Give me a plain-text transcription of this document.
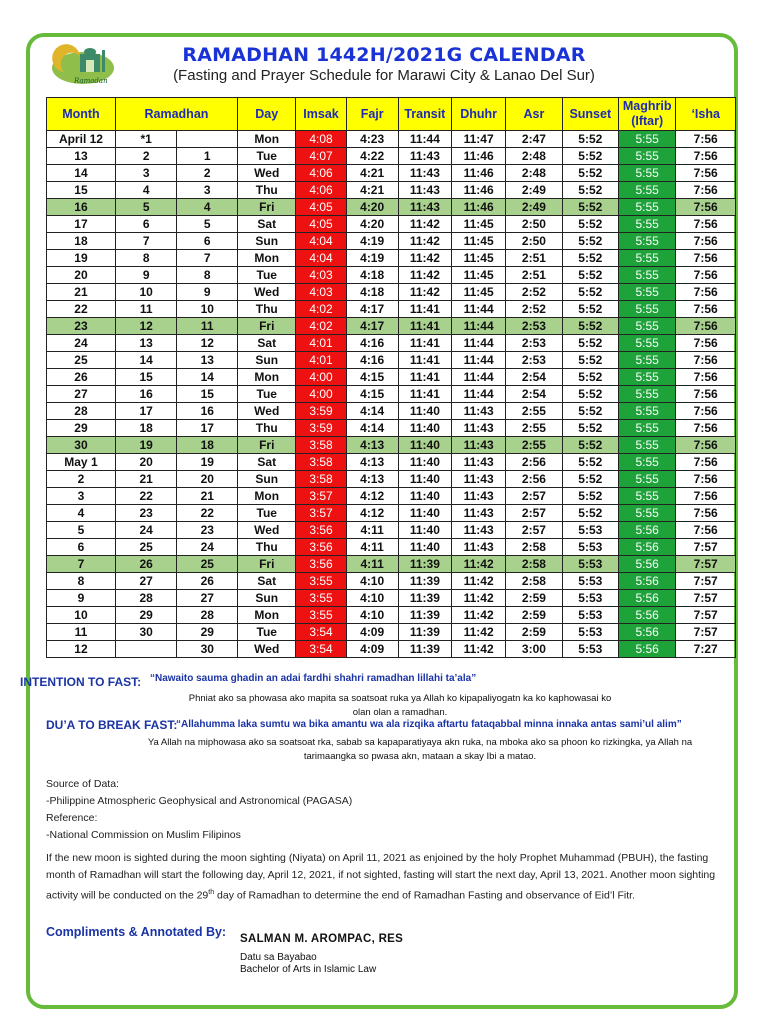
Ramadan
RAMADHAN 1442H/2021G CALENDAR
(Fasting and Prayer Schedule for Marawi City & Lanao Del Sur)
Month	Ramadhan		Day	Imsak	Fajr	Transit	Dhuhr	Asr	Sunset	Maghrib
(Iftar)	‘Isha
April 12	*1		Mon	4:08	4:23	11:44	11:47	2:47	5:52	5:55	7:56
13	2	1	Tue	4:07	4:22	11:43	11:46	2:48	5:52	5:55	7:56
14	3	2	Wed	4:06	4:21	11:43	11:46	2:48	5:52	5:55	7:56
15	4	3	Thu	4:06	4:21	11:43	11:46	2:49	5:52	5:55	7:56
16	5	4	Fri	4:05	4:20	11:43	11:46	2:49	5:52	5:55	7:56
17	6	5	Sat	4:05	4:20	11:42	11:45	2:50	5:52	5:55	7:56
18	7	6	Sun	4:04	4:19	11:42	11:45	2:50	5:52	5:55	7:56
19	8	7	Mon	4:04	4:19	11:42	11:45	2:51	5:52	5:55	7:56
20	9	8	Tue	4:03	4:18	11:42	11:45	2:51	5:52	5:55	7:56
21	10	9	Wed	4:03	4:18	11:42	11:45	2:52	5:52	5:55	7:56
22	11	10	Thu	4:02	4:17	11:41	11:44	2:52	5:52	5:55	7:56
23	12	11	Fri	4:02	4:17	11:41	11:44	2:53	5:52	5:55	7:56
24	13	12	Sat	4:01	4:16	11:41	11:44	2:53	5:52	5:55	7:56
25	14	13	Sun	4:01	4:16	11:41	11:44	2:53	5:52	5:55	7:56
26	15	14	Mon	4:00	4:15	11:41	11:44	2:54	5:52	5:55	7:56
27	16	15	Tue	4:00	4:15	11:41	11:44	2:54	5:52	5:55	7:56
28	17	16	Wed	3:59	4:14	11:40	11:43	2:55	5:52	5:55	7:56
29	18	17	Thu	3:59	4:14	11:40	11:43	2:55	5:52	5:55	7:56
30	19	18	Fri	3:58	4:13	11:40	11:43	2:55	5:52	5:55	7:56
May 1	20	19	Sat	3:58	4:13	11:40	11:43	2:56	5:52	5:55	7:56
2	21	20	Sun	3:58	4:13	11:40	11:43	2:56	5:52	5:55	7:56
3	22	21	Mon	3:57	4:12	11:40	11:43	2:57	5:52	5:55	7:56
4	23	22	Tue	3:57	4:12	11:40	11:43	2:57	5:52	5:55	7:56
5	24	23	Wed	3:56	4:11	11:40	11:43	2:57	5:53	5:56	7:56
6	25	24	Thu	3:56	4:11	11:40	11:43	2:58	5:53	5:56	7:57
7	26	25	Fri	3:56	4:11	11:39	11:42	2:58	5:53	5:56	7:57
8	27	26	Sat	3:55	4:10	11:39	11:42	2:58	5:53	5:56	7:57
9	28	27	Sun	3:55	4:10	11:39	11:42	2:59	5:53	5:56	7:57
10	29	28	Mon	3:55	4:10	11:39	11:42	2:59	5:53	5:56	7:57
11	30	29	Tue	3:54	4:09	11:39	11:42	2:59	5:53	5:56	7:57
12		30	Wed	3:54	4:09	11:39	11:42	3:00	5:53	5:56	7:27
INTENTION TO FAST: “Nawaito sauma ghadin an adai fardhi shahri ramadhan lillahi ta’ala”
Phniat ako sa phowasa ako mapita sa soatsoat ruka ya Allah ko kipapaliyogatn ka ko kaphowasai ko
olan olan a ramadhan.
DU’A TO BREAK FAST:
“Allahumma laka sumtu wa bika amantu wa ala rizqika aftartu fataqabbal minna innaka antas sami’ul alim”
Ya Allah na miphowasa ako sa soatsoat rka, sabab sa kapaparatiyaya akn ruka, na mboka ako sa phoon ko rizkingka, ya Allah na
tarimaangka so pwasa akn, mataan a skay Ibi a matao.
Source of Data:
-Philippine Atmospheric Geophysical and Astronomical (PAGASA)
Reference:
-National Commission on Muslim Filipinos
If the new moon is sighted during the moon sighting (Niyata) on April 11, 2021 as enjoined by the holy Prophet Muhammad (PBUH), the fasting month of Ramadhan will start the following day, April 12, 2021, if not sighted, fasting will start the next day, April 13, 2021. Another moon sighting activity will be conducted on the 29th day of Ramadhan to determine the end of Ramadhan Fasting and observance of Eid’l Fitr.
Compliments & Annotated By: SALMAN M. AROMPAC, RES
Datu sa Bayabao
Bachelor of Arts in Islamic Law
